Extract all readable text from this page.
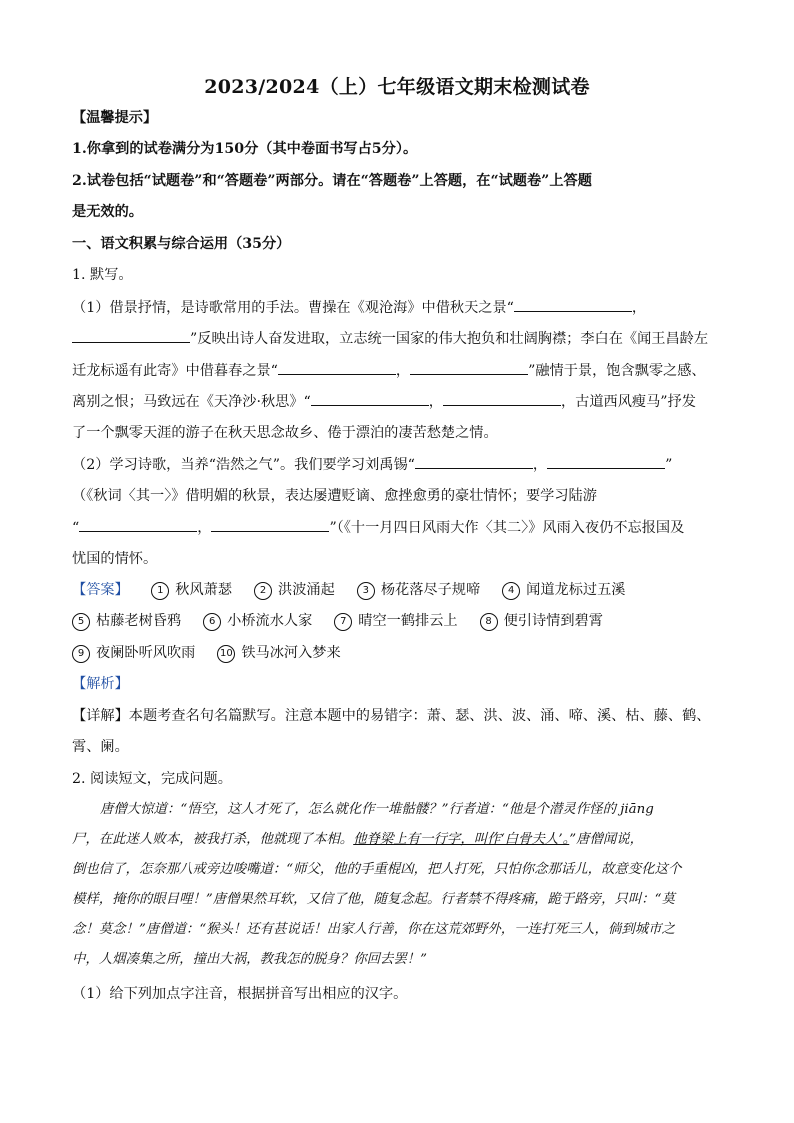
2023/2024（上）七年级语文期末检测试卷
【温馨提示】
1.你拿到的试卷满分为150分（其中卷面书写占5分）。
2.试卷包括“试题卷”和“答题卷”两部分。请在“答题卷”上答题，在“试题卷”上答题
是无效的。
一、语文积累与综合运用（35分）
1. 默写。
（1）借景抒情，是诗歌常用的手法。曹操在《观沧海》中借秋天之景“	，
”反映出诗人奋发进取，立志统一国家的伟大抱负和壮阔胸襟；李白在《闻王昌龄左
迁龙标遥有此寄》中借暮春之景“	，	”融情于景，饱含飘零之感、
离别之恨；马致远在《天净沙·秋思》“	，	，古道西风瘦马”抒发
了一个飘零天涯的游子在秋天思念故乡、倦于漂泊的凄苦愁楚之情。
（2）学习诗歌，当养“浩然之气”。我们要学习刘禹锡“	，	”
（《秋词〈其一〉》借明媚的秋景，表达屡遭贬谪、愈挫愈勇的豪壮情怀；要学习陆游
“	，	”（《十一月四日风雨大作〈其二〉》风雨入夜仍不忘报国及
忧国的情怀。
【答案】	1 秋风萧瑟	2 洪波涌起	3 杨花落尽子规啼	4 闻道龙标过五溪
5 枯藤老树昏鸦	6 小桥流水人家	7 晴空一鹤排云上	8 便引诗情到碧霄
9 夜阑卧听风吹雨 10 铁马冰河入梦来
【解析】
【详解】本题考查名句名篇默写。注意本题中的易错字：萧、瑟、洪、波、涌、啼、溪、枯、藤、鹤、
霄、阑。
2. 阅读短文，完成问题。
唐僧大惊道：“悟空，这人才死了，怎么就化作一堆骷髅？”行者道：“他是个潜灵作怪的 jiāng
尸，在此迷人败本，被我打杀，他就现了本相。他脊梁上有一行字，叫作‘白骨夫人’。”唐僧闻说，
倒也信了，怎奈那八戒旁边唆嘴道：“师父，他的手重棍凶，把人打死，只怕你念那话儿，故意变化这个
模样，掩你的眼目哩！”唐僧果然耳软，又信了他，随复念起。行者禁不得疼痛，跪于路旁，只叫：“莫
念！莫念！”唐僧道：“猴头！还有甚说话！出家人行善，你在这荒郊野外，一连打死三人，倘到城市之
中，人烟凑集之所，撞出大祸，教我怎的脱身？你回去罢！”
（1）给下列加点字注音，根据拼音写出相应的汉字。
